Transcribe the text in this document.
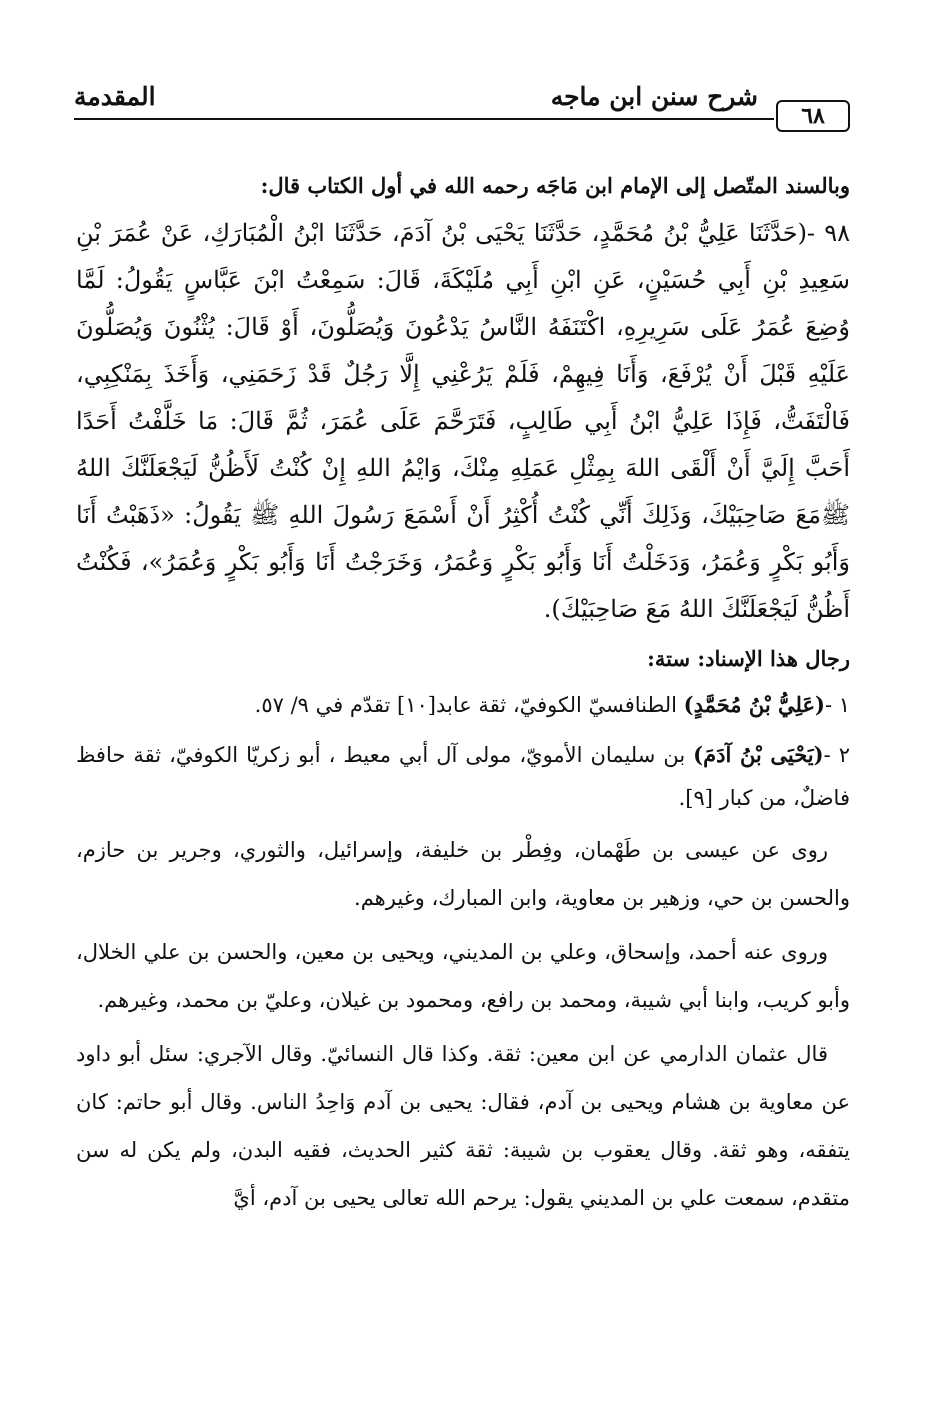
٦٨
شرح سنن ابن ماجه
المقدمة

وبالسند المتّصل إلى الإمام ابن مَاجَه رحمه الله في أول الكتاب قال:

٩٨ -(حَدَّثَنَا عَلِيُّ بْنُ مُحَمَّدٍ، حَدَّثَنَا يَحْيَى بْنُ آدَمَ، حَدَّثَنَا ابْنُ الْمُبَارَكِ، عَنْ عُمَرَ بْنِ سَعِيدِ بْنِ أَبِي حُسَيْنٍ، عَنِ ابْنِ أَبِي مُلَيْكَةَ، قَالَ: سَمِعْتُ ابْنَ عَبَّاسٍ يَقُولُ: لَمَّا وُضِعَ عُمَرُ عَلَى سَرِيرِهِ، اكْتَنَفَهُ النَّاسُ يَدْعُونَ وَيُصَلُّونَ، أَوْ قَالَ: يُثْنُونَ وَيُصَلُّونَ عَلَيْهِ قَبْلَ أَنْ يُرْفَعَ، وَأَنَا فِيهِمْ، فَلَمْ يَرُعْنِي إِلَّا رَجُلٌ قَدْ زَحَمَنِي، وَأَخَذَ بِمَنْكِبِي، فَالْتَفَتُّ، فَإِذَا عَلِيُّ ابْنُ أَبِي طَالِبٍ، فَتَرَحَّمَ عَلَى عُمَرَ، ثُمَّ قَالَ: مَا خَلَّفْتُ أَحَدًا أَحَبَّ إِلَيَّ أَنْ أَلْقَى اللهَ بِمِثْلِ عَمَلِهِ مِنْكَ، وَايْمُ اللهِ إِنْ كُنْتُ لَأَظُنُّ لَيَجْعَلَنَّكَ اللهُ ﷺمَعَ صَاحِبَيْكَ، وَذَلِكَ أَنِّي كُنْتُ أُكْثِرُ أَنْ أَسْمَعَ رَسُولَ اللهِ ﷺ يَقُولُ: «ذَهَبْتُ أَنَا وَأَبُو بَكْرٍ وَعُمَرُ، وَدَخَلْتُ أَنَا وَأَبُو بَكْرٍ وَعُمَرُ، وَخَرَجْتُ أَنَا وَأَبُو بَكْرٍ وَعُمَرُ»، فَكُنْتُ أَظُنُّ لَيَجْعَلَنَّكَ اللهُ مَعَ صَاحِبَيْكَ).

رجال هذا الإسناد: ستة:

١ -(عَلِيُّ بْنُ مُحَمَّدٍ) الطنافسيّ الكوفيّ، ثقة عابد[١٠] تقدّم في ٩/ ٥٧.

٢ -(يَحْيَى بْنُ آدَمَ) بن سليمان الأمويّ، مولى آل أبي معيط ، أبو زكريّا الكوفيّ، ثقة حافظ فاضلٌ، من كبار [٩].

روى عن عيسى بن طَهْمان، وفِطْر بن خليفة، وإسرائيل، والثوري، وجرير بن حازم، والحسن بن حي، وزهير بن معاوية، وابن المبارك، وغيرهم.

وروى عنه أحمد، وإسحاق، وعلي بن المديني، ويحيى بن معين، والحسن بن علي الخلال، وأبو كريب، وابنا أبي شيبة، ومحمد بن رافع، ومحمود بن غيلان، وعليّ بن محمد، وغيرهم.

قال عثمان الدارمي عن ابن معين: ثقة. وكذا قال النسائيّ. وقال الآجري: سئل أبو داود عن معاوية بن هشام ويحيى بن آدم، فقال: يحيى بن آدم وَاحِدُ الناس. وقال أبو حاتم: كان يتفقه، وهو ثقة. وقال يعقوب بن شيبة: ثقة كثير الحديث، فقيه البدن، ولم يكن له سن متقدم، سمعت علي بن المديني يقول: يرحم الله تعالى يحيى بن آدم، أيَّ
